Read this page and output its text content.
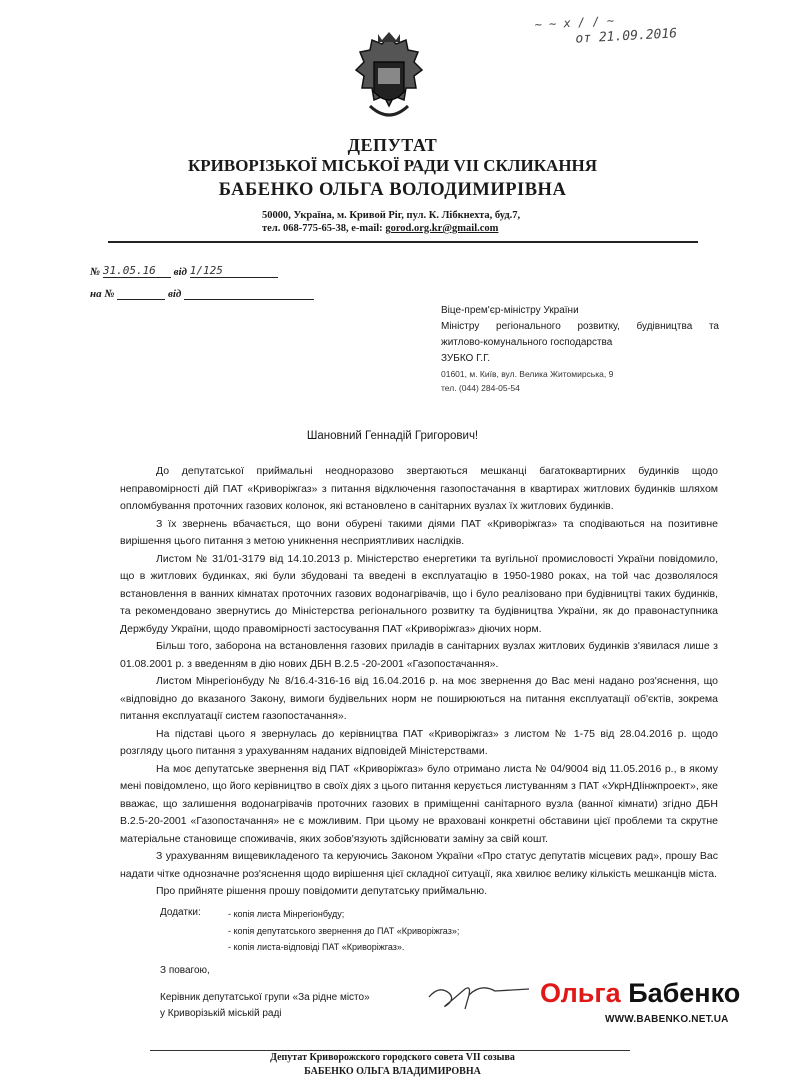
~ ~ x / / ~
от 21.09.2016
ДЕПУТАТ
КРИВОРІЗЬКОЇ МІСЬКОЇ РАДИ VII СКЛИКАННЯ
БАБЕНКО ОЛЬГА ВОЛОДИМИРІВНА
50000, Україна, м. Кривой Ріг, пул. К. Лібкнехта, буд.7,
тел. 068-775-65-38, e-mail: gorod.org.kr@gmail.com
№ 31.05.16 від 1/125
на №	від
Віце-прем'єр-міністру України
Міністру регіонального розвитку, будівництва та
житлово-комунального господарства
ЗУБКО Г.Г.
01601, м. Київ, вул. Велика Житомирська, 9
тел. (044) 284-05-54
Шановний Геннадій Григорович!

До депутатської приймальні неодноразово звертаються мешканці багатоквартирних будинків щодо неправомірності дій ПАТ «Криворіжгаз» з питання відключення газопостачання в квартирах житлових будинків шляхом опломбування проточних газових колонок, які встановлено в санітарних вузлах їх житлових будинків.

З їх звернень вбачається, що вони обурені такими діями ПАТ «Криворіжгаз» та сподіваються на позитивне вирішення цього питання з метою уникнення несприятливих наслідків.

Листом № 31/01-3179 від 14.10.2013 р. Міністерство енергетики та вугільної промисловості України повідомило, що в житлових будинках, які були збудовані та введені в експлуатацію в 1950-1980 роках, на той час дозволялося встановлення в ванних кімнатах проточних газових водонагрівачів, що і було реалізовано при будівництві таких будинків, та рекомендовано звернутись до Міністерства регіонального розвитку та будівництва України, як до правонаступника Держбуду України, щодо правомірності застосування ПАТ «Криворіжгаз» діючих норм.

Більш того, заборона на встановлення газових приладів в санітарних вузлах житлових будинків з'явилася лише з 01.08.2001 р. з введенням в дію нових ДБН В.2.5 -20-2001 «Газопостачання».

Листом Мінрегіонбуду № 8/16.4-316-16 від 16.04.2016 р. на моє звернення до Вас мені надано роз'яснення, що «відповідно до вказаного Закону, вимоги будівельних норм не поширюються на питання експлуатації об'єктів, зокрема питання експлуатації систем газопостачання».

На підставі цього я звернулась до керівництва ПАТ «Криворіжгаз» з листом № 1-75 від 28.04.2016 р. щодо розгляду цього питання з урахуванням наданих відповідей Міністерствами.

На моє депутатське звернення від ПАТ «Криворіжгаз» було отримано листа № 04/9004 від 11.05.2016 р., в якому мені повідомлено, що його керівництво в своїх діях з цього питання керується листуванням з ПАТ «УкрНДІінжпроект», яке вважає, що залишення водонагрівачів проточних газових в приміщенні санітарного вузла (ванної кімнати) згідно ДБН В.2.5-20-2001 «Газопостачання» не є можливим. При цьому не враховані конкретні обставини цієї проблеми та скрутне матеріальне становище споживачів, яких зобов'язують здійснювати заміну за свій кошт.

З урахуванням вищевикладеного та керуючись Законом України «Про статус депутатів місцевих рад», прошу Вас надати чітке однозначне роз'яснення щодо вирішення цієї складної ситуації, яка хвилює велику кількість мешканців міста.

Про прийняте рішення прошу повідомити депутатську приймальню.

Додатки:	- копія листа Мінрегіонбуду;
- копія депутатського звернення до ПАТ «Криворіжгаз»;
- копія листа-відповіді ПАТ «Криворіжгаз».
З повагою,
Керівник депутатської групи «За рідне місто»
у Криворізькій міській раді
Ольга Бабенко
WWW.BABENKO.NET.UA
Депутат Криворожского городского совета VII созыва
БАБЕНКО ОЛЬГА ВЛАДИМИРОВНА
